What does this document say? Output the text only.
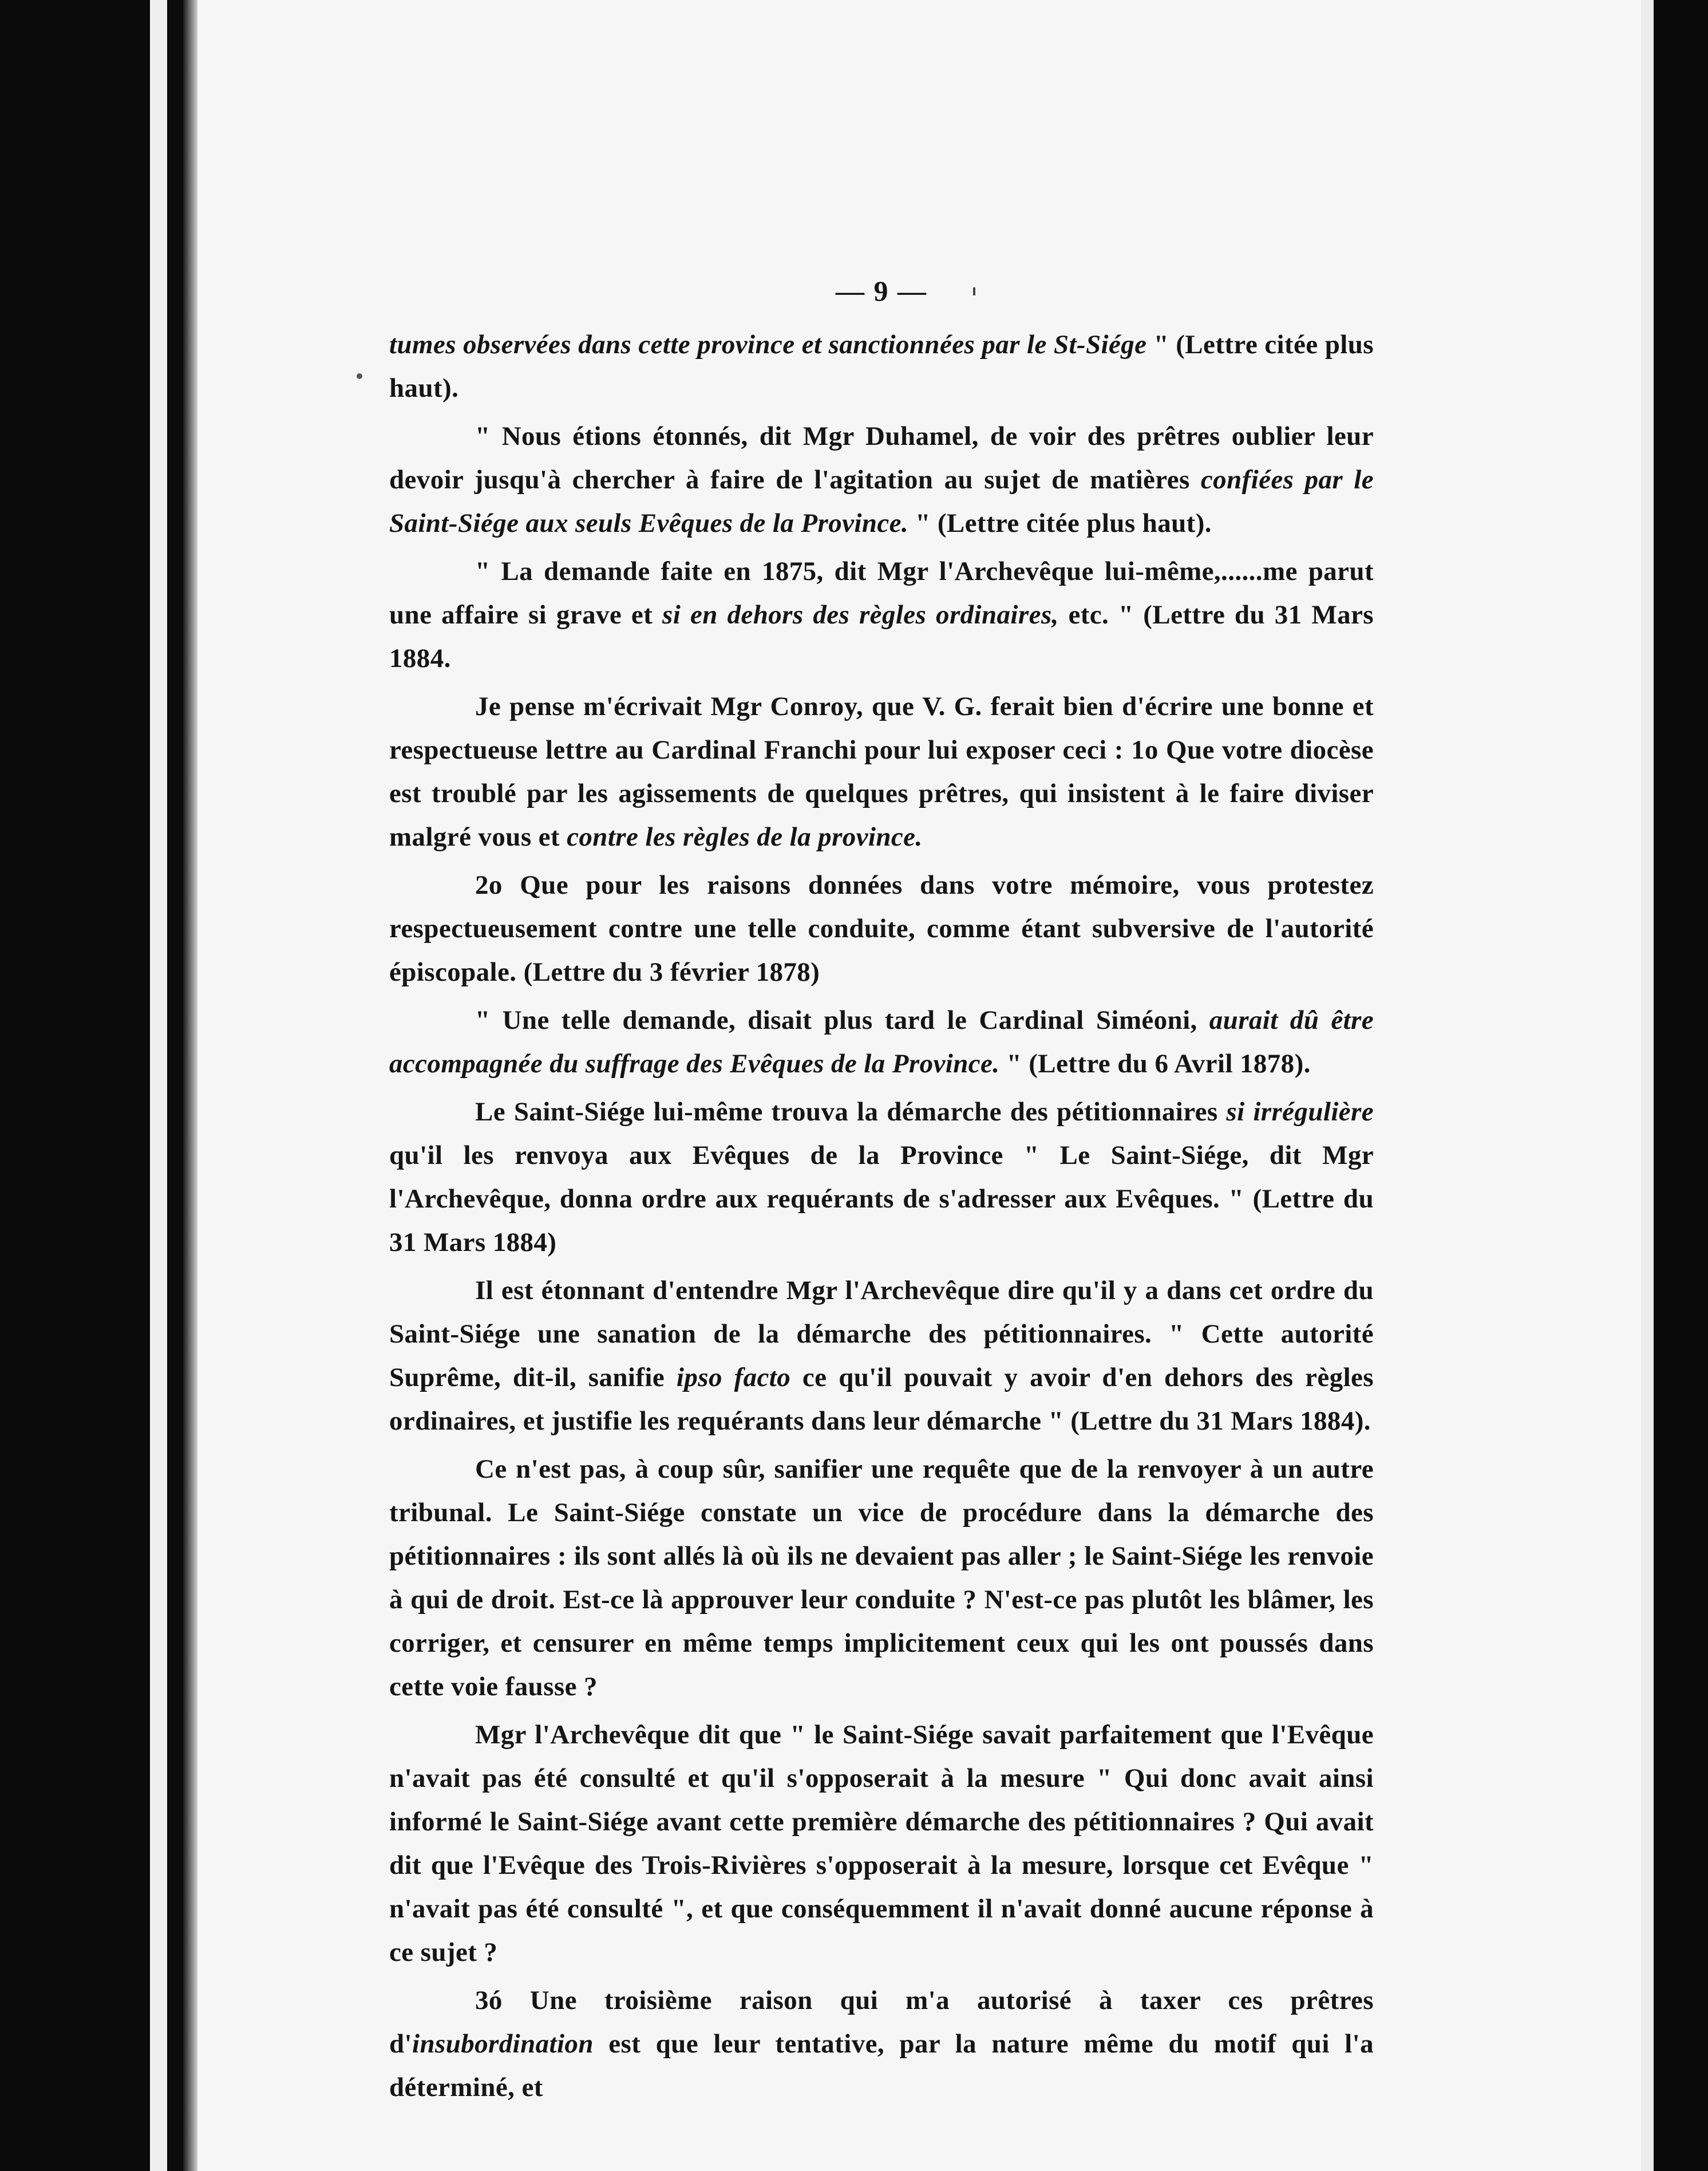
— 9 —

tumes observées dans cette province et sanctionnées par le St-Siége " (Lettre citée plus haut).

" Nous étions étonnés, dit Mgr Duhamel, de voir des prêtres oublier leur devoir jusqu'à chercher à faire de l'agitation au sujet de matières confiées par le Saint-Siége aux seuls Evêques de la Province. " (Lettre citée plus haut).

" La demande faite en 1875, dit Mgr l'Archevêque lui-même,......me parut une affaire si grave et si en dehors des règles ordinaires, etc. " (Lettre du 31 Mars 1884.

Je pense m'écrivait Mgr Conroy, que V. G. ferait bien d'écrire une bonne et respectueuse lettre au Cardinal Franchi pour lui exposer ceci : 1o Que votre diocèse est troublé par les agissements de quelques prêtres, qui insistent à le faire diviser malgré vous et contre les règles de la province.

2o Que pour les raisons données dans votre mémoire, vous protestez respectueusement contre une telle conduite, comme étant subversive de l'autorité épiscopale. (Lettre du 3 février 1878)

" Une telle demande, disait plus tard le Cardinal Siméoni, aurait dû être accompagnée du suffrage des Evêques de la Province. " (Lettre du 6 Avril 1878).

Le Saint-Siége lui-même trouva la démarche des pétitionnaires si irrégulière qu'il les renvoya aux Evêques de la Province " Le Saint-Siége, dit Mgr l'Archevêque, donna ordre aux requérants de s'adresser aux Evêques. " (Lettre du 31 Mars 1884)

Il est étonnant d'entendre Mgr l'Archevêque dire qu'il y a dans cet ordre du Saint-Siége une sanation de la démarche des pétitionnaires. " Cette autorité Suprême, dit-il, sanifie ipso facto ce qu'il pouvait y avoir d'en dehors des règles ordinaires, et justifie les requérants dans leur démarche " (Lettre du 31 Mars 1884).

Ce n'est pas, à coup sûr, sanifier une requête que de la renvoyer à un autre tribunal. Le Saint-Siége constate un vice de procédure dans la démarche des pétitionnaires : ils sont allés là où ils ne devaient pas aller ; le Saint-Siége les renvoie à qui de droit. Est-ce là approuver leur conduite ? N'est-ce pas plutôt les blâmer, les corriger, et censurer en même temps implicitement ceux qui les ont poussés dans cette voie fausse ?

Mgr l'Archevêque dit que " le Saint-Siége savait parfaitement que l'Evêque n'avait pas été consulté et qu'il s'opposerait à la mesure " Qui donc avait ainsi informé le Saint-Siége avant cette première démarche des pétitionnaires ? Qui avait dit que l'Evêque des Trois-Rivières s'opposerait à la mesure, lorsque cet Evêque " n'avait pas été consulté ", et que conséquemment il n'avait donné aucune réponse à ce sujet ?

3ó Une troisième raison qui m'a autorisé à taxer ces prêtres d'insubordination est que leur tentative, par la nature même du motif qui l'a déterminé, et
